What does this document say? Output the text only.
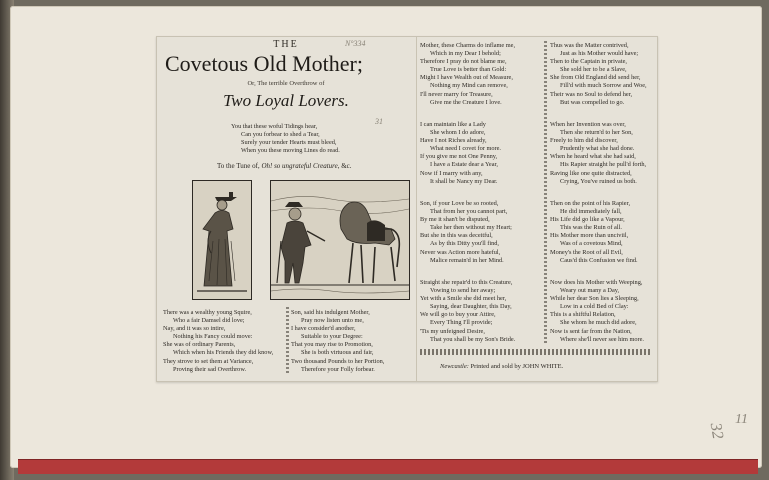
THE
Covetous Old Mother;
Or, The terrible Overthrow of
Two Loyal Lovers.
N°334
31
You that these woful Tidings hear,
Can you forbear to shed a Tear,
Surely your tender Hearts must bleed,
When you these moving Lines do read.
To the Tune of, Oh! so ungrateful Creature, &c.
There was a wealthy young Squire,
Who a fair Damsel did love;
Nay, and it was so intire,
Nothing his Fancy could move:
She was of ordinary Parents,
Which when his Friends they did know,
They strove to set them at Variance,
Proving their sad Overthrow.
Son, said his indulgent Mother,
Pray now listen unto me,
I have consider'd another,
Suitable to your Degree:
That you may rise to Promotion,
She is both virtuous and fair,
Two thousand Pounds to her Portion,
Therefore your Folly forbear.
Mother, these Charms do inflame me,
Which in my Dear I behold;
Therefore I pray do not blame me,
True Love is better than Gold:
Might I have Wealth out of Measure,
Nothing my Mind can remove,
I'll never marry for Treasure,
Give me the Creature I love.
I can maintain like a Lady
She whom I do adore,
Have I not Riches already,
What need I covet for more.
If you give me not One Penny,
I have a Estate dear a Year,
Now if I marry with any,
It shall be Nancy my Dear.
Son, if your Love be so rooted,
That from her you cannot part,
By me it shan't be disputed,
Take her then without my Heart;
But she in this was deceitful,
As by this Ditty you'll find,
Never was Action more hateful,
Malice remain'd in her Mind.
Straight she repair'd to this Creature,
Vowing to send her away;
Yet with a Smile she did meet her,
Saying, dear Daughter, this Day,
We will go to buy your Attire,
Every Thing I'll provide;
'Tis my unfeigned Desire,
That you shall be my Son's Bride.
Thus was the Matter contrived,
Just as his Mother would have;
Then to the Captain in private,
She sold her to be a Slave,
She from Old England did send her,
Fill'd with much Sorrow and Woe,
Their was no Soul to defend her,
But was compelled to go.
When her Invention was over,
Then she return'd to her Son,
Freely to him did discover,
Prudently what she had done.
When he heard what she had said,
His Rapier straight he pull'd forth,
Raving like one quite distracted,
Crying, You've ruined us both.
Then on the point of his Rapier,
He did immediately fall,
His Life did go like a Vapour,
This was the Ruin of all.
His Mother more than unciviil,
Was of a covetous Mind,
Money's the Root of all Evil,
Caus'd this Confusion we find.
Now does his Mother with Weeping,
Weary out many a Day,
While her dear Son lies a Sleeping,
Low in a cold Bed of Clay:
This is a shiftful Relation,
She whom he much did adore,
Now is sent far from the Nation,
Where she'll never see him more.
Newcastle: Printed and sold by JOHN WHITE.
11
32
